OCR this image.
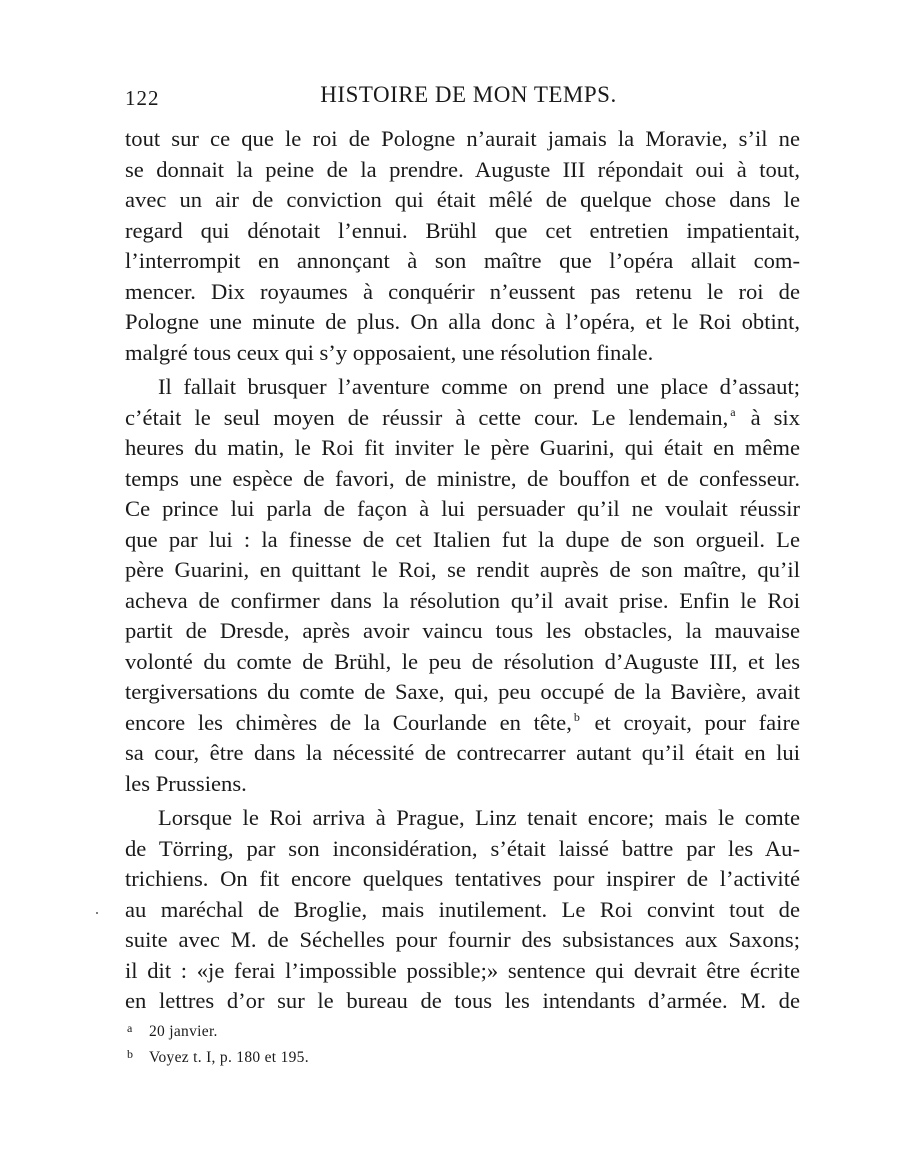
122	HISTOIRE DE MON TEMPS.

tout sur ce que le roi de Pologne n’aurait jamais la Moravie, s’il ne
se donnait la peine de la prendre. Auguste III répondait oui à tout,
avec un air de conviction qui était mêlé de quelque chose dans le
regard qui dénotait l’ennui. Brühl que cet entretien impatientait,
l’interrompit en annonçant à son maître que l’opéra allait com-
mencer. Dix royaumes à conquérir n’eussent pas retenu le roi de
Pologne une minute de plus. On alla donc à l’opéra, et le Roi obtint,
malgré tous ceux qui s’y opposaient, une résolution finale.

Il fallait brusquer l’aventure comme on prend une place d’assaut;
c’était le seul moyen de réussir à cette cour. Le lendemain, $^a$ à six
heures du matin, le Roi fit inviter le père Guarini, qui était en même
temps une espèce de favori, de ministre, de bouffon et de confesseur.
Ce prince lui parla de façon à lui persuader qu’il ne voulait réussir
que par lui : la finesse de cet Italien fut la dupe de son orgueil. Le
père Guarini, en quittant le Roi, se rendit auprès de son maître, qu’il
acheva de confirmer dans la résolution qu’il avait prise. Enfin le Roi
partit de Dresde, après avoir vaincu tous les obstacles, la mauvaise
volonté du comte de Brühl, le peu de résolution d’Auguste III, et les
tergiversations du comte de Saxe, qui, peu occupé de la Bavière, avait
encore les chimères de la Courlande en tête, $^b$ et croyait, pour faire
sa cour, être dans la nécessité de contrecarrer autant qu’il était en lui
les Prussiens.

Lorsque le Roi arriva à Prague, Linz tenait encore; mais le comte
de Törring, par son inconsidération, s’était laissé battre par les Au-
trichiens. On fit encore quelques tentatives pour inspirer de l’activité
au maréchal de Broglie, mais inutilement. Le Roi convint tout de
suite avec M. de Séchelles pour fournir des subsistances aux Saxons;
il dit : «je ferai l’impossible possible;» sentence qui devrait être écrite
en lettres d’or sur le bureau de tous les intendants d’armée. M. de

a 20 janvier.
b Voyez t. I, p. 180 et 195.
